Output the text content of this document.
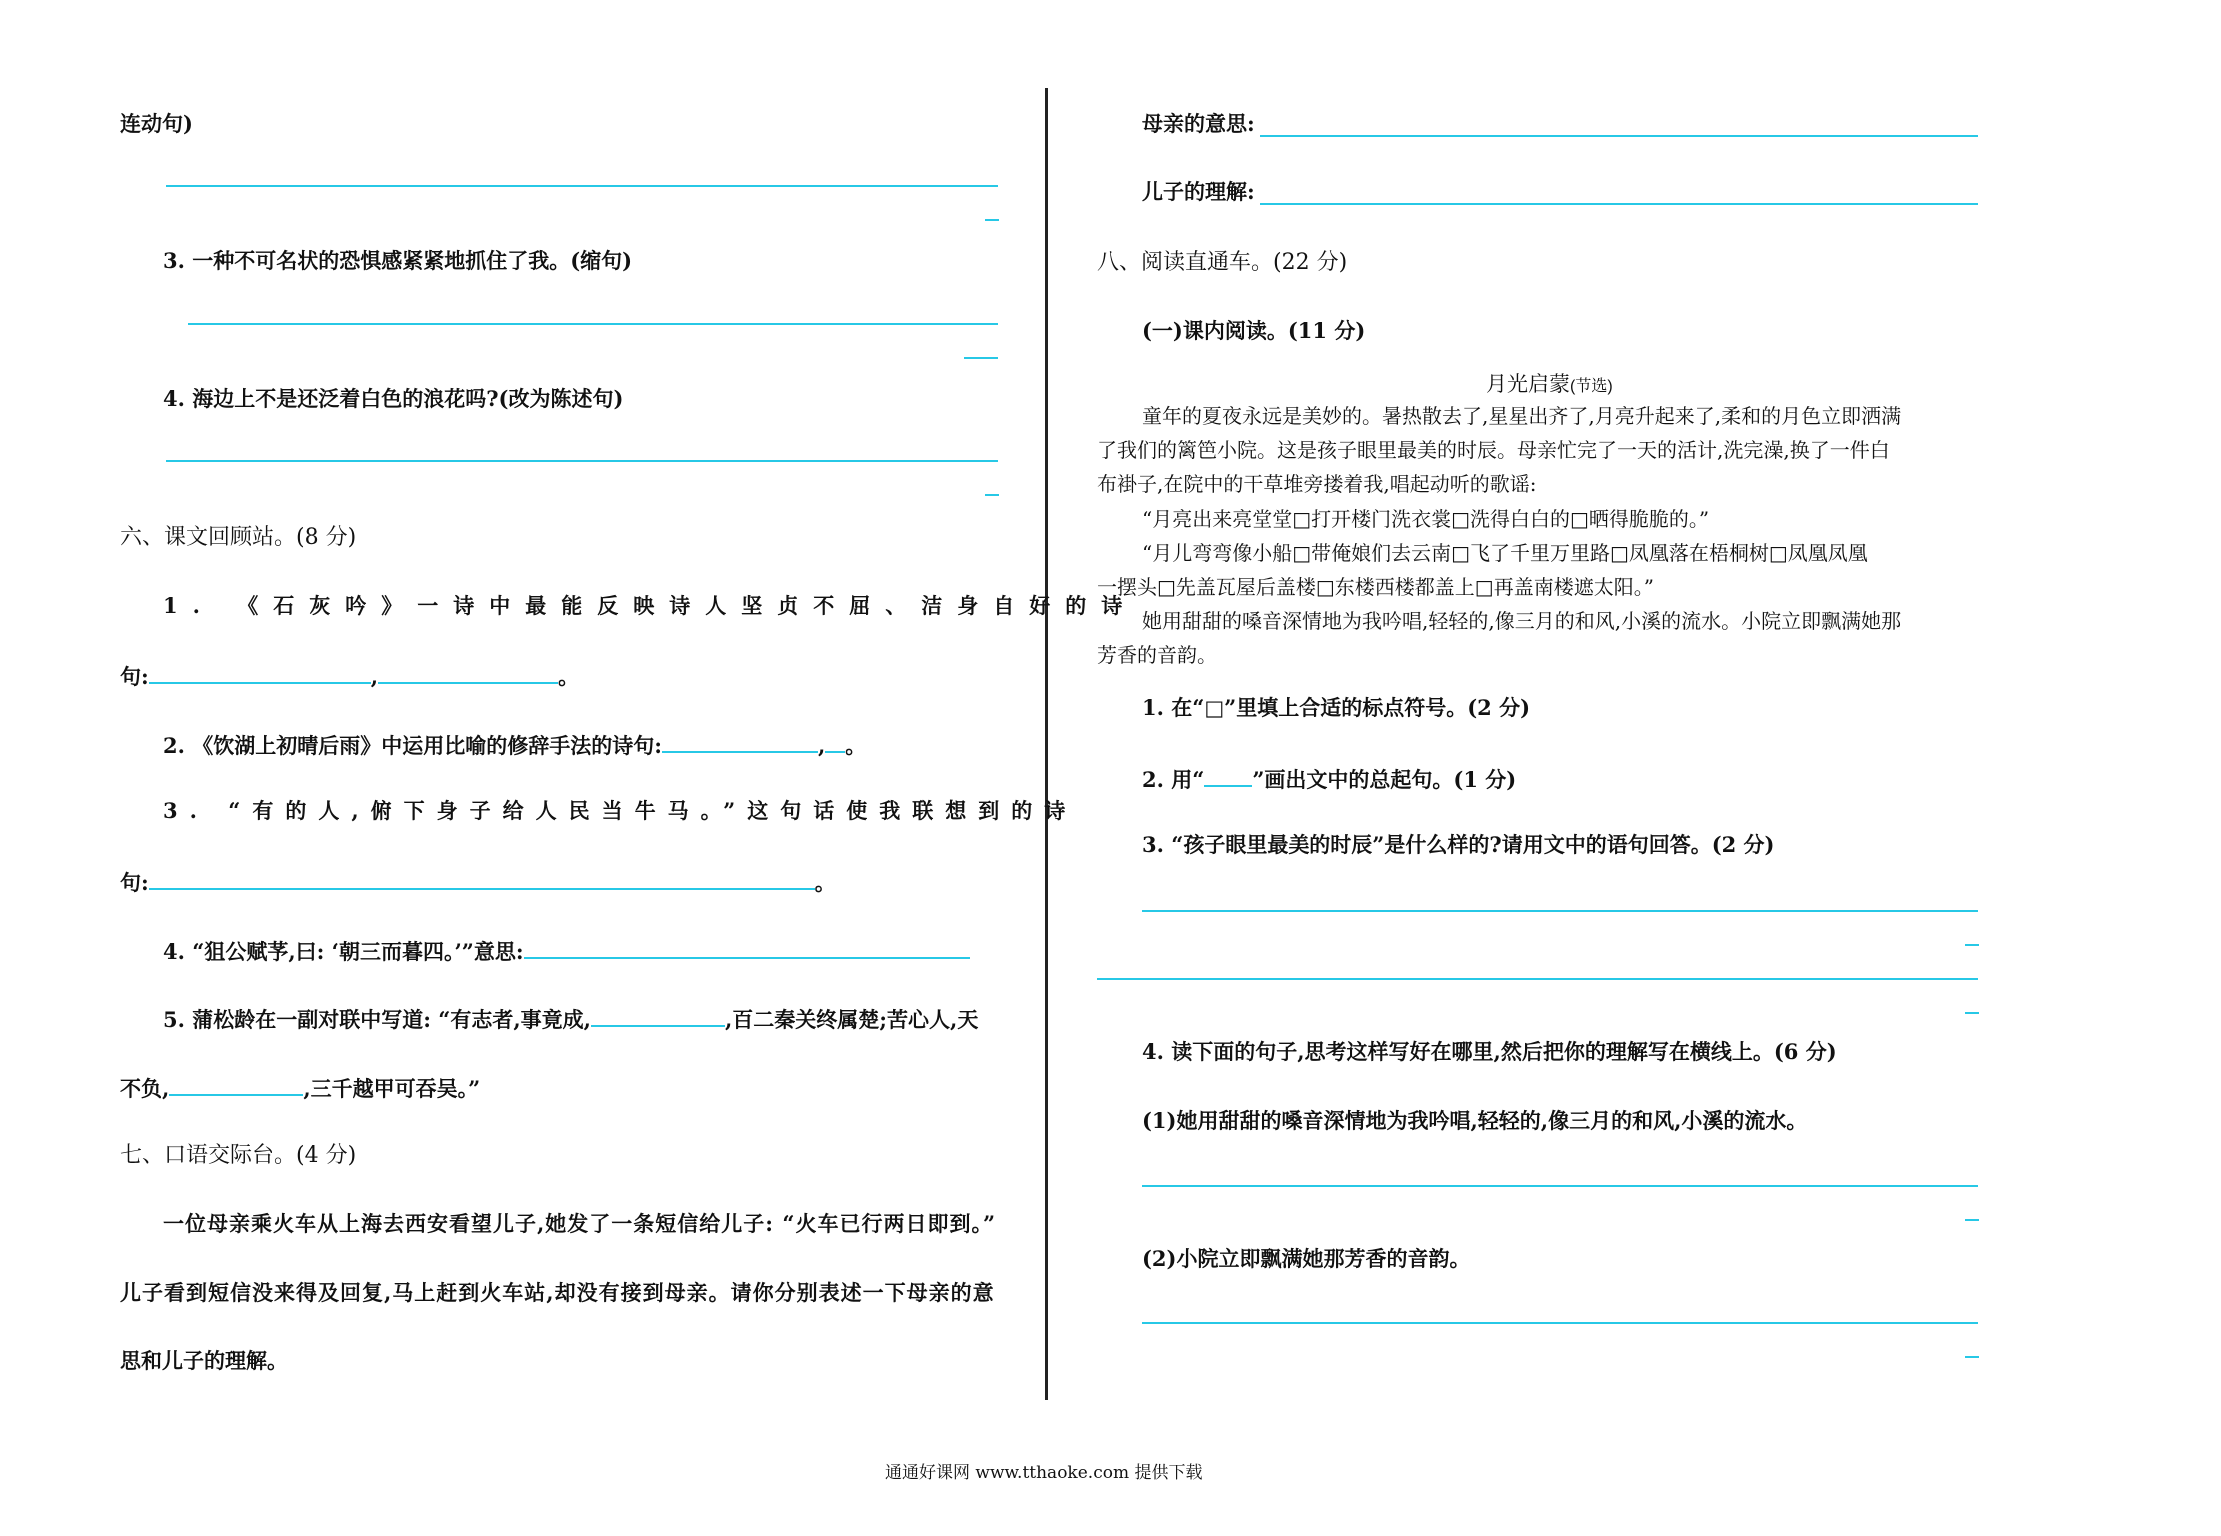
连动句)
3. 一种不可名状的恐惧感紧紧地抓住了我。(缩句)
4. 海边上不是还泛着白色的浪花吗?(改为陈述句)
六、课文回顾站。(8 分)
1. 《石灰吟》一诗中最能反映诗人坚贞不屈、洁身自好的诗
句:	,	。
2. 《饮湖上初晴后雨》中运用比喻的修辞手法的诗句:	, 。
3. “有的人,俯下身子给人民当牛马。”这句话使我联想到的诗
句:	。
4. “狙公赋芧,曰: ‘朝三而暮四。’”意思:
5. 蒲松龄在一副对联中写道: “有志者,事竟成,	,百二秦关终属楚;苦心人,天
不负,	,三千越甲可吞吴。”
七、口语交际台。(4 分)
一位母亲乘火车从上海去西安看望儿子,她发了一条短信给儿子: “火车已行两日即到。”
儿子看到短信没来得及回复,马上赶到火车站,却没有接到母亲。请你分别表述一下母亲的意
思和儿子的理解。
母亲的意思:
儿子的理解:
八、阅读直通车。(22 分)
(一)课内阅读。(11 分)
月光启蒙(节选)
童年的夏夜永远是美妙的。暑热散去了,星星出齐了,月亮升起来了,柔和的月色立即洒满
了我们的篱笆小院。这是孩子眼里最美的时辰。母亲忙完了一天的活计,洗完澡,换了一件白
布褂子,在院中的干草堆旁搂着我,唱起动听的歌谣:
“月亮出来亮堂堂□打开楼门洗衣裳□洗得白白的□晒得脆脆的。”
“月儿弯弯像小船□带俺娘们去云南□飞了千里万里路□凤凰落在梧桐树□凤凰凤凰
一摆头□先盖瓦屋后盖楼□东楼西楼都盖上□再盖南楼遮太阳。”
她用甜甜的嗓音深情地为我吟唱,轻轻的,像三月的和风,小溪的流水。小院立即飘满她那
芳香的音韵。
1. 在“□”里填上合适的标点符号。(2 分)
2. 用“ ”画出文中的总起句。(1 分)
3. “孩子眼里最美的时辰”是什么样的?请用文中的语句回答。(2 分)
4. 读下面的句子,思考这样写好在哪里,然后把你的理解写在横线上。(6 分)
(1)她用甜甜的嗓音深情地为我吟唱,轻轻的,像三月的和风,小溪的流水。
(2)小院立即飘满她那芳香的音韵。
通通好课网 www.tthaoke.com 提供下载
